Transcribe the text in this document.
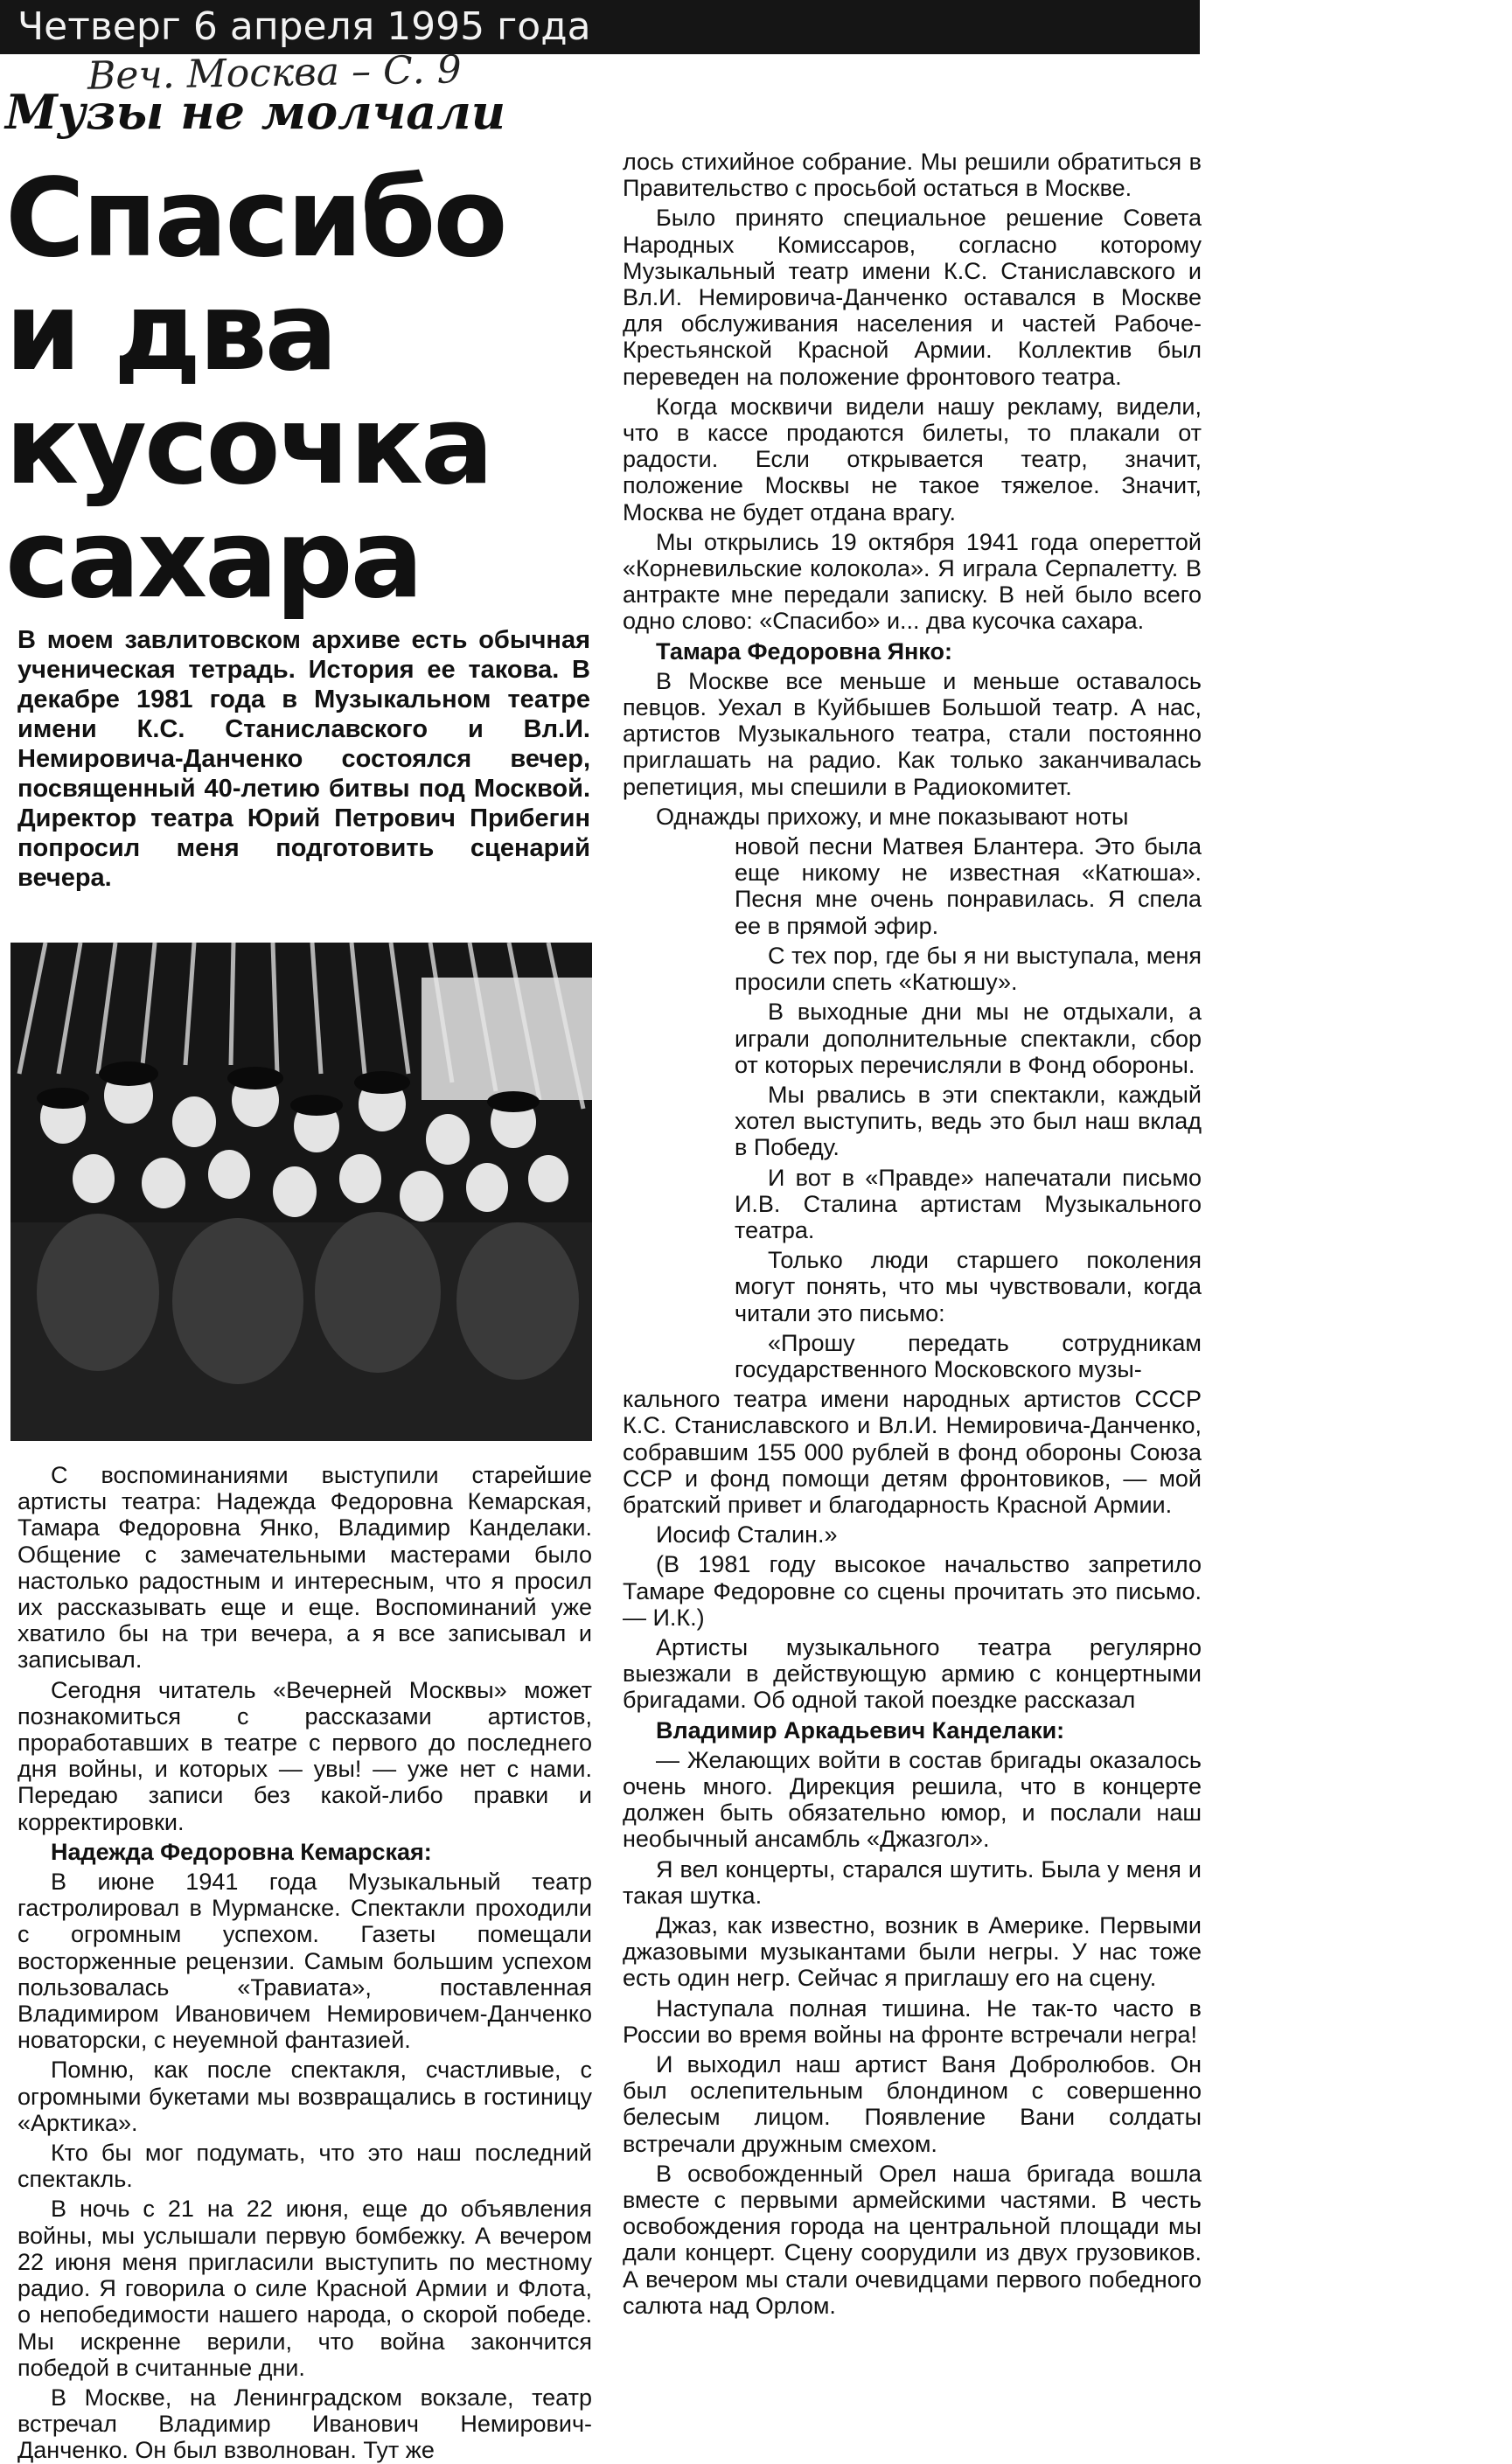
Четверг 6 апреля 1995 года
Веч. Москва – С. 9
Музы не молчали
Спасибо
и два
кусочка
сахара
В моем завлитовском архиве есть обычная ученическая тетрадь. История ее такова. В декабре 1981 года в Музыкальном театре имени К.С. Станиславского и Вл.И. Немировича-Данченко состоялся вечер, посвященный 40-летию битвы под Москвой. Директор театра Юрий Петрович Прибегин попросил меня подготовить сценарий вечера.

С воспоминаниями выступили старейшие артисты театра: Надежда Федоровна Кемарская, Тамара Федоровна Янко, Владимир Канделаки. Общение с замечательными мастерами было настолько радостным и интересным, что я просил их рассказывать еще и еще. Воспоминаний уже хватило бы на три вечера, а я все записывал и записывал.

Сегодня читатель «Вечерней Москвы» может познакомиться с рассказами артистов, проработавших в театре с первого до последнего дня войны, и которых — увы! — уже нет с нами. Передаю записи без какой-либо правки и корректировки.

Надежда Федоровна Кемарская:

В июне 1941 года Музыкальный театр гастролировал в Мурманске. Спектакли проходили с огромным успехом. Газеты помещали восторженные рецензии. Самым большим успехом пользовалась «Травиата», поставленная Владимиром Ивановичем Немировичем-Данченко новаторски, с неуемной фантазией.

Помню, как после спектакля, счастливые, с огромными букетами мы возвращались в гостиницу «Арктика».

Кто бы мог подумать, что это наш последний спектакль.

В ночь с 21 на 22 июня, еще до объявления войны, мы услышали первую бомбежку. А вечером 22 июня меня пригласили выступить по местному радио. Я говорила о силе Красной Армии и Флота, о непобедимости нашего народа, о скорой победе. Мы искренне верили, что война закончится победой в считанные дни.

В Москве, на Ленинградском вокзале, театр встречал Владимир Иванович Немирович-Данченко. Он был взволнован. Тут же

лось стихийное собрание. Мы решили обратиться в Правительство с просьбой остаться в Москве.

Было принято специальное решение Совета Народных Комиссаров, согласно которому Музыкальный театр имени К.С. Станиславского и Вл.И. Немировича-Данченко оставался в Москве для обслуживания населения и частей Рабоче-Крестьянской Красной Армии. Коллектив был переведен на положение фронтового театра.

Когда москвичи видели нашу рекламу, видели, что в кассе продаются билеты, то плакали от радости. Если открывается театр, значит, положение Москвы не такое тяжелое. Значит, Москва не будет отдана врагу.

Мы открылись 19 октября 1941 года опереттой «Корневильские колокола». Я играла Серпалетту. В антракте мне передали записку. В ней было всего одно слово: «Спасибо» и... два кусочка сахара.

Тамара Федоровна Янко:

В Москве все меньше и меньше оставалось певцов. Уехал в Куйбышев Большой театр. А нас, артистов Музыкального театра, стали постоянно приглашать на радио. Как только заканчивалась репетиция, мы спешили в Радиокомитет.

Однажды прихожу, и мне показывают ноты

новой песни Матвея Блантера. Это была еще никому не известная «Катюша». Песня мне очень понравилась. Я спела ее в прямой эфир.

С тех пор, где бы я ни выступала, меня просили спеть «Катюшу».

В выходные дни мы не отдыхали, а играли дополнительные спектакли, сбор от которых перечисляли в Фонд обороны.

Мы рвались в эти спектакли, каждый хотел выступить, ведь это был наш вклад в Победу.

И вот в «Правде» напечатали письмо И.В. Сталина артистам Музыкального театра.

Только люди старшего поколения могут понять, что мы чувствовали, когда читали это письмо:

«Прошу передать сотрудникам государственного Московского музы-

кального театра имени народных артистов СССР К.С. Станиславского и Вл.И. Немировича-Данченко, собравшим 155 000 рублей в фонд обороны Союза ССР и фонд помощи детям фронтовиков, — мой братский привет и благодарность Красной Армии.

Иосиф Сталин.»

(В 1981 году высокое начальство запретило Тамаре Федоровне со сцены прочитать это письмо. — И.К.)

Артисты музыкального театра регулярно выезжали в действующую армию с концертными бригадами. Об одной такой поездке рассказал

Владимир Аркадьевич Канделаки:

— Желающих войти в состав бригады оказалось очень много. Дирекция решила, что в концерте должен быть обязательно юмор, и послали наш необычный ансамбль «Джазгол».

Я вел концерты, старался шутить. Была у меня и такая шутка.

Джаз, как известно, возник в Америке. Первыми джазовыми музыкантами были негры. У нас тоже есть один негр. Сейчас я приглашу его на сцену.

Наступала полная тишина. Не так-то часто в России во время войны на фронте встречали негра!

И выходил наш артист Ваня Добролюбов. Он был ослепительным блондином с совершенно белесым лицом. Появление Вани солдаты встречали дружным смехом.

В освобожденный Орел наша бригада вошла вместе с первыми армейскими частями. В честь освобождения города на центральной площади мы дали концерт. Сцену соорудили из двух грузовиков. А вечером мы стали очевидцами первого победного салюта над Орлом.
